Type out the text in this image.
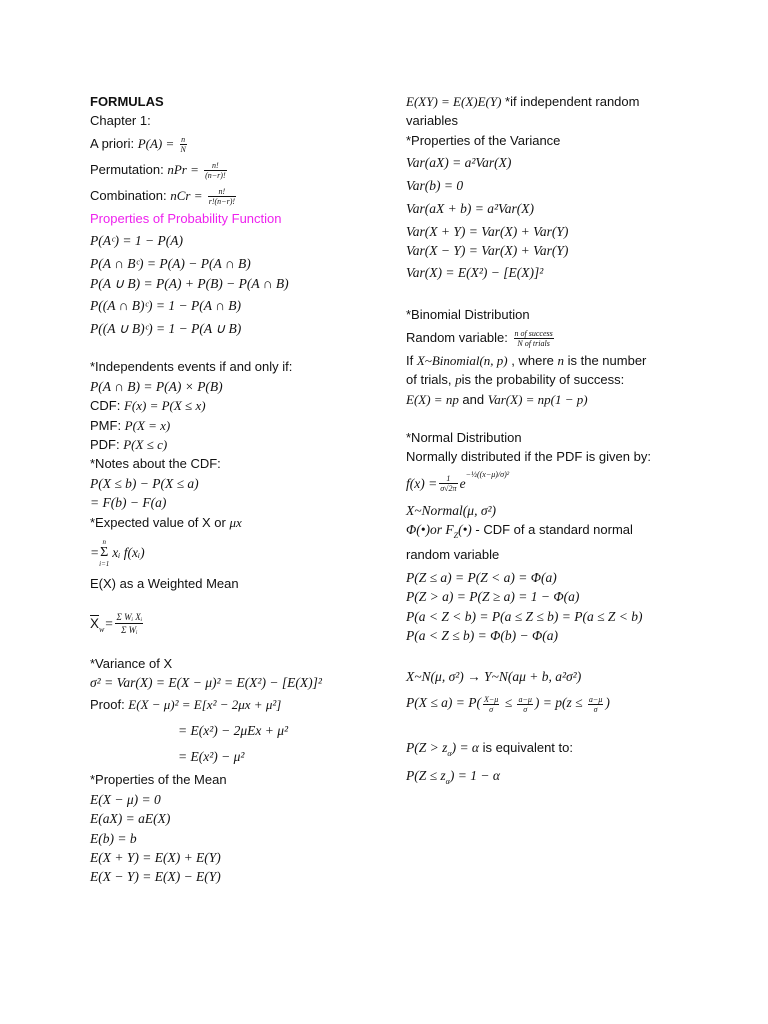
FORMULAS
Chapter 1:
A priori: $P(A) = \frac{n}{N}$
Permutation: nPr = $\frac{n!}{(n-r)!}$
Combination: nCr = $\frac{n!}{r!(n-r)!}$
Properties of Probability Function
P(Aᶜ) = 1 − P(A)
P(A ∩ Bᶜ) = P(A) − P(A ∩ B)
P(A ∪ B) = P(A) + P(B) − P(A ∩ B)
P((A ∩ B)ᶜ) = 1 − P(A ∩ B)
P((A ∪ B)ᶜ) = 1 − P(A ∪ B)
*Independents events if and only if:
P(A ∩ B) = P(A) × P(B)
CDF: F(x) = P(X ≤ x)
PMF: P(X = x)
PDF: P(X ≤ c)
*Notes about the CDF:
P(X ≤ b) − P(X ≤ a)
= F(b) − F(a)
*Expected value of X or μx
=
n
Σ
i=1
xᵢ f(xᵢ)
E(X) as a Weighted Mean
$\overline{X}$ $w = \frac{\text{Σ Wᵢ Xᵢ}}{\text{Σ Wᵢ}}$
*Variance of X
σ² = Var(X) = E(X − μ)² = E(X²) − [E(X)]²
Proof: E(X − μ)² = E[x² − 2μx + μ²]
= E(x²) − 2μEx + μ²
= E(x²) − μ²
*Properties of the Mean
E(X − μ) = 0
E(aX) = aE(X)
E(b) = b
E(X + Y) = E(X) + E(Y)
E(X − Y) = E(X) − E(Y)
E(XY) = E(X)E(Y) *if independent random
variables
*Properties of the Variance
Var(aX) = a²Var(X)
Var(b) = 0
Var(aX + b) = a²Var(X)
Var(X + Y) = Var(X) + Var(Y)
Var(X − Y) = Var(X) + Var(Y)
Var(X) = E(X²) − [E(X)]²
*Binomial Distribution
Random variable: $\frac{\text{n of success}}{\text{N of trials}}$
If X~Binomial(n, p) , where n is the number
of trials, pis the probability of success:
E(X) = np and Var(X) = np(1 − p)
*Normal Distribution
Normally distributed if the PDF is given by:
$f(x) = \frac{1}{\sigma√2\pi}$ e
−½((x−μ)/σ)²
X~Normal(μ, σ²)
Φ(•)or $F_Z(•)$ - CDF of a standard normal
random variable
P(Z ≤ a) = P(Z < a) = Φ(a)
P(Z > a) = P(Z ≥ a) = 1 − Φ(a)
P(a < Z < b) = P(a ≤ Z ≤ b) = P(a ≤ Z < b)
P(a < Z ≤ b) = Φ(b) − Φ(a)
X~N(μ, σ²) → Y~N(aμ + b, a²σ²)
$P(X \le a) = P( \frac{X-\mu}{\sigma} \le \frac{a-\mu}{\sigma}$ ) = $p(z \le \frac{a-\mu}{\sigma}$ )
$P(Z > z_\alpha) = \alpha$ is equivalent to:
$P(Z \le z_\alpha) = 1 - \alpha$
